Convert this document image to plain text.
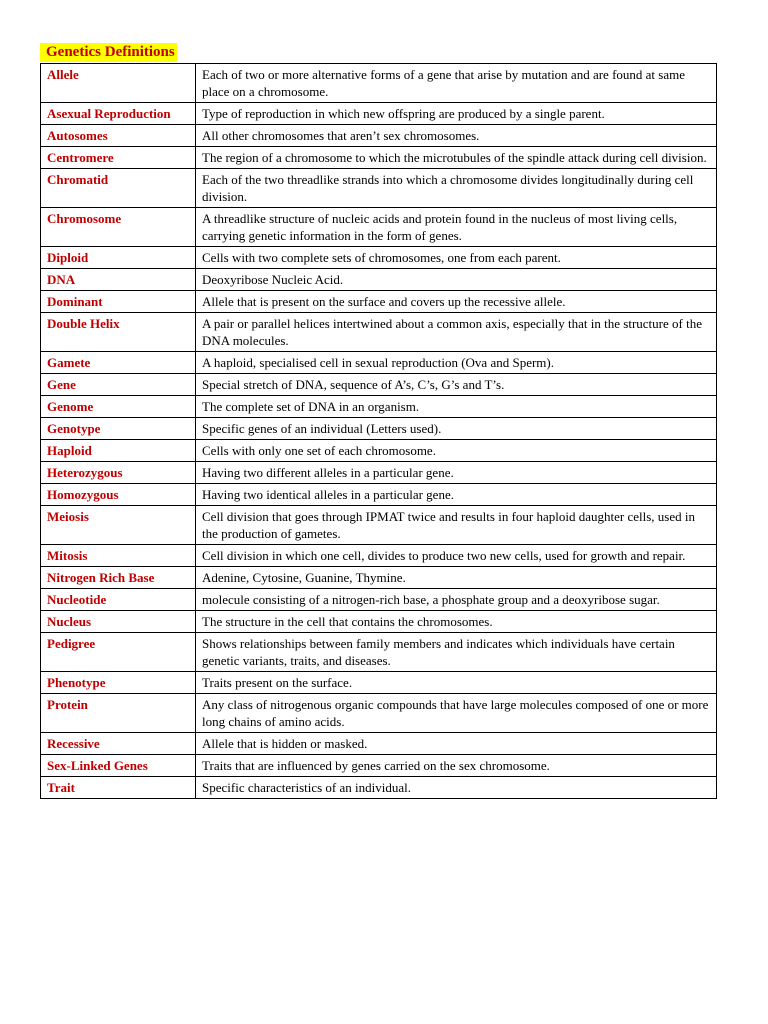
Genetics Definitions
Allele	Each of two or more alternative forms of a gene that arise by mutation and are found at same place on a chromosome.
Asexual Reproduction	Type of reproduction in which new offspring are produced by a single parent.
Autosomes	All other chromosomes that aren’t sex chromosomes.
Centromere	The region of a chromosome to which the microtubules of the spindle attack during cell division.
Chromatid	Each of the two threadlike strands into which a chromosome divides longitudinally during cell division.
Chromosome	A threadlike structure of nucleic acids and protein found in the nucleus of most living cells, carrying genetic information in the form of genes.
Diploid	Cells with two complete sets of chromosomes, one from each parent.
DNA	Deoxyribose Nucleic Acid.
Dominant	Allele that is present on the surface and covers up the recessive allele.
Double Helix	A pair or parallel helices intertwined about a common axis, especially that in the structure of the DNA molecules.
Gamete	A haploid, specialised cell in sexual reproduction (Ova and Sperm).
Gene	Special stretch of DNA, sequence of A’s, C’s, G’s and T’s.
Genome	The complete set of DNA in an organism.
Genotype	Specific genes of an individual (Letters used).
Haploid	Cells with only one set of each chromosome.
Heterozygous	Having two different alleles in a particular gene.
Homozygous	Having two identical alleles in a particular gene.
Meiosis	Cell division that goes through IPMAT twice and results in four haploid daughter cells, used in the production of gametes.
Mitosis	Cell division in which one cell, divides to produce two new cells, used for growth and repair.
Nitrogen Rich Base	Adenine, Cytosine, Guanine, Thymine.
Nucleotide	molecule consisting of a nitrogen-rich base, a phosphate group and a deoxyribose sugar.
Nucleus	The structure in the cell that contains the chromosomes.
Pedigree	Shows relationships between family members and indicates which individuals have certain genetic variants, traits, and diseases.
Phenotype	Traits present on the surface.
Protein	Any class of nitrogenous organic compounds that have large molecules composed of one or more long chains of amino acids.
Recessive	Allele that is hidden or masked.
Sex-Linked Genes	Traits that are influenced by genes carried on the sex chromosome.
Trait	Specific characteristics of an individual.
